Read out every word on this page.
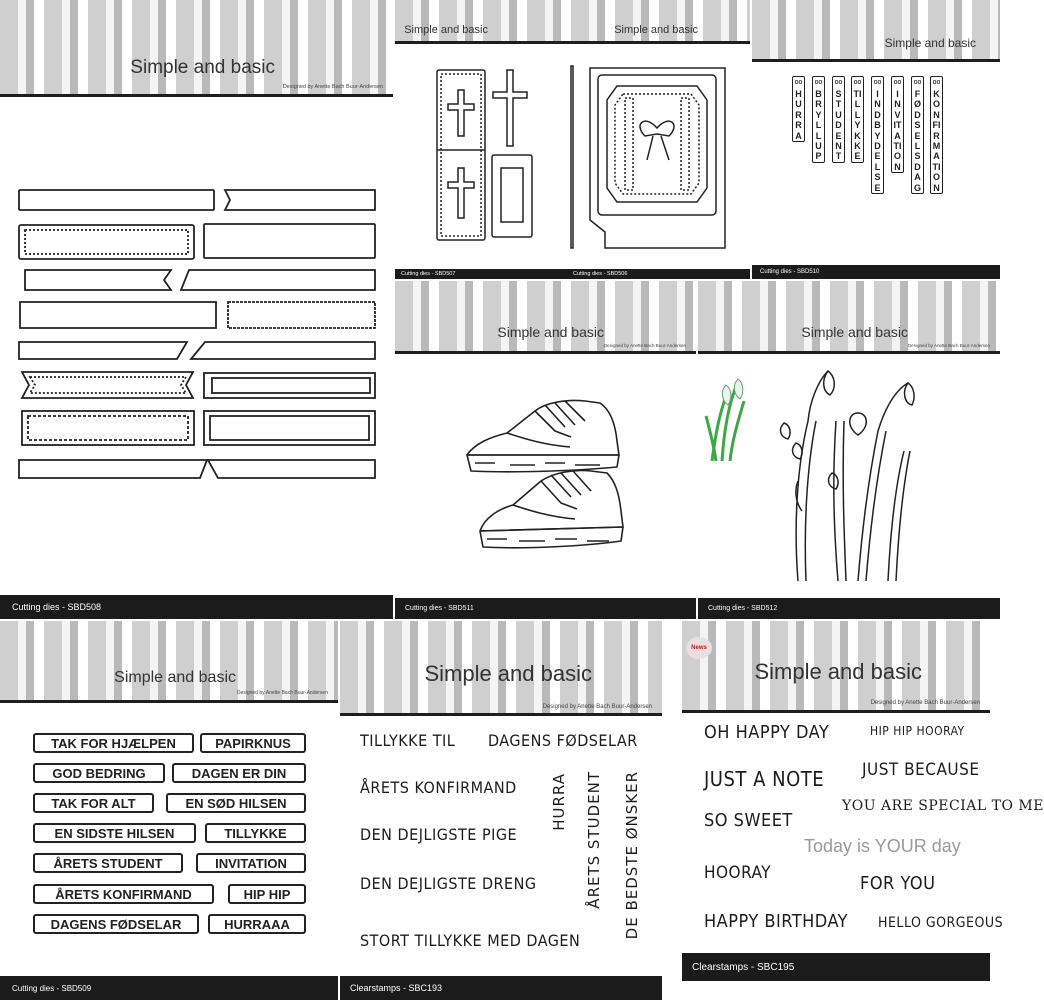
Simple and basic
Designed by Anette Bach Buur-Andersen
Cutting dies - SBD508
Simple and basic	Simple and basic
Cutting dies - SBD507	Cutting dies - SBD506
Simple and basic
oo
HURRA
oo
BRYLLUP
oo
STUDENT
oo
TILLYKKE
oo
INDBYDELSE
oo
INVITATION
oo
FØDSELSDAG
oo
KONFIRMATION
Cutting dies - SBD510
Simple and basic
Designed by Anette Bach Buur-Andersen
Cutting dies - SBD511
Simple and basic
Designed by Anette Bach Buur-Andersen
Cutting dies - SBD512
Simple and basic
Designed by Anette Bach Buur-Andersen
TAK FOR HJÆLPEN	PAPIRKNUS
GOD BEDRING	DAGEN ER DIN
TAK FOR ALT	EN SØD HILSEN
EN SIDSTE HILSEN	TILLYKKE
ÅRETS STUDENT	INVITATION
ÅRETS KONFIRMAND	HIP HIP
DAGENS FØDSELAR	HURRAAA
Cutting dies - SBD509
Simple and basic
Designed by Anette Bach Buur-Andersen
TILLYKKE TIL DAGENS FØDSELAR
ÅRETS KONFIRMAND
DEN DEJLIGSTE PIGE
DEN DEJLIGSTE DRENG
STORT TILLYKKE MED DAGEN
HURRA ÅRETS STUDENT DE BEDSTE ØNSKER
Clearstamps - SBC193
Simple and basic
Designed by Anette Bach Buur-Andersen
OH HAPPY DAY	HIP HIP HOORAY
JUST A NOTE JUST BECAUSE
YOU ARE SPECIAL TO ME
SO SWEET
Today is YOUR day
HOORAY	FOR YOU
HAPPY BIRTHDAY HELLO GORGEOUS
Clearstamps - SBC195
News
